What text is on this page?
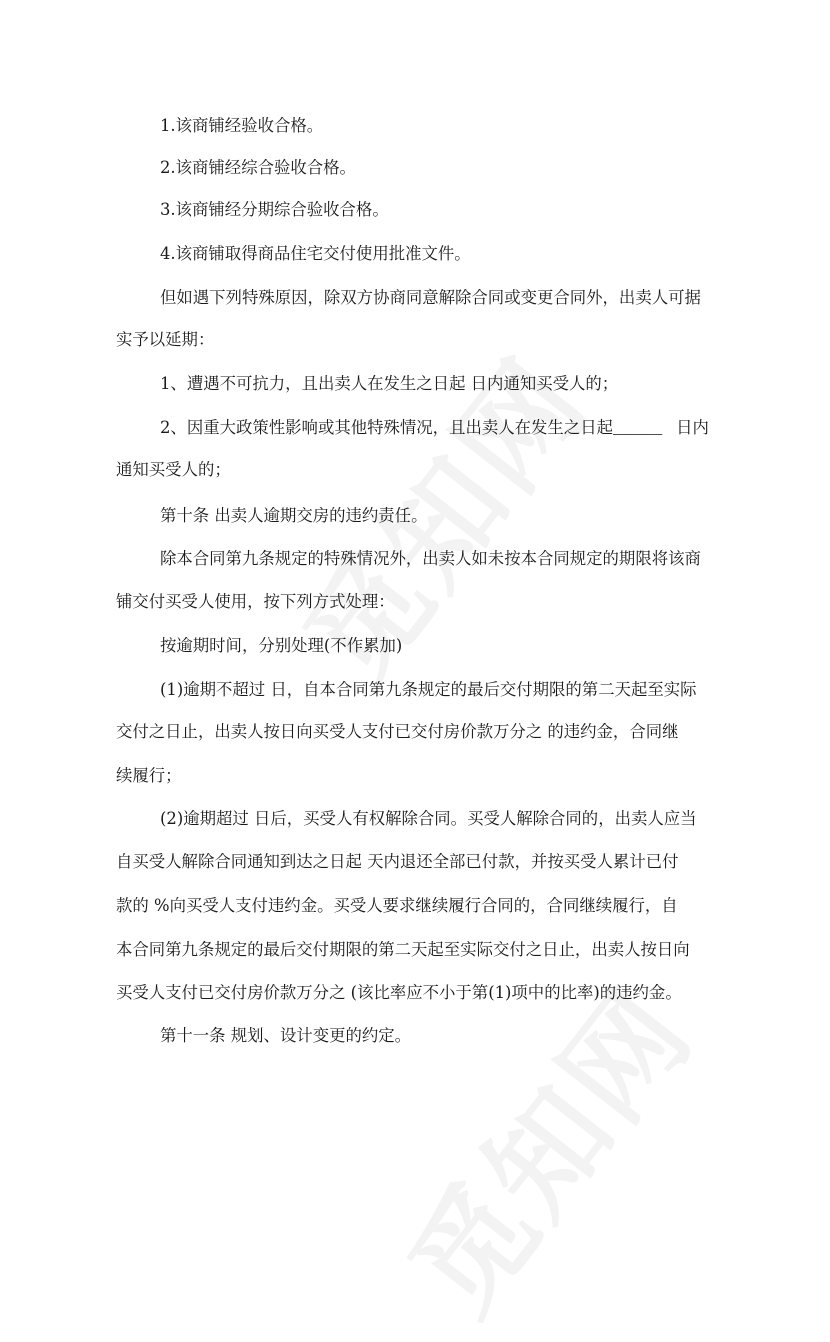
1.该商铺经验收合格。
2.该商铺经综合验收合格。
3.该商铺经分期综合验收合格。
4.该商铺取得商品住宅交付使用批准文件。
但如遇下列特殊原因，除双方协商同意解除合同或变更合同外，出卖人可据
实予以延期：
1、遭遇不可抗力，且出卖人在发生之日起 日内通知买受人的；
2、因重大政策性影响或其他特殊情况，且出卖人在发生之日起_____ 日内
通知买受人的；
第十条 出卖人逾期交房的违约责任。
除本合同第九条规定的特殊情况外，出卖人如未按本合同规定的期限将该商
铺交付买受人使用，按下列方式处理：
按逾期时间，分别处理(不作累加)
(1)逾期不超过 日，自本合同第九条规定的最后交付期限的第二天起至实际
交付之日止，出卖人按日向买受人支付已交付房价款万分之 的违约金，合同继
续履行；
(2)逾期超过 日后，买受人有权解除合同。买受人解除合同的，出卖人应当
自买受人解除合同通知到达之日起 天内退还全部已付款，并按买受人累计已付
款的 %向买受人支付违约金。买受人要求继续履行合同的，合同继续履行，自
本合同第九条规定的最后交付期限的第二天起至实际交付之日止，出卖人按日向
买受人支付已交付房价款万分之 (该比率应不小于第(1)项中的比率)的违约金。
第十一条 规划、设计变更的约定。
